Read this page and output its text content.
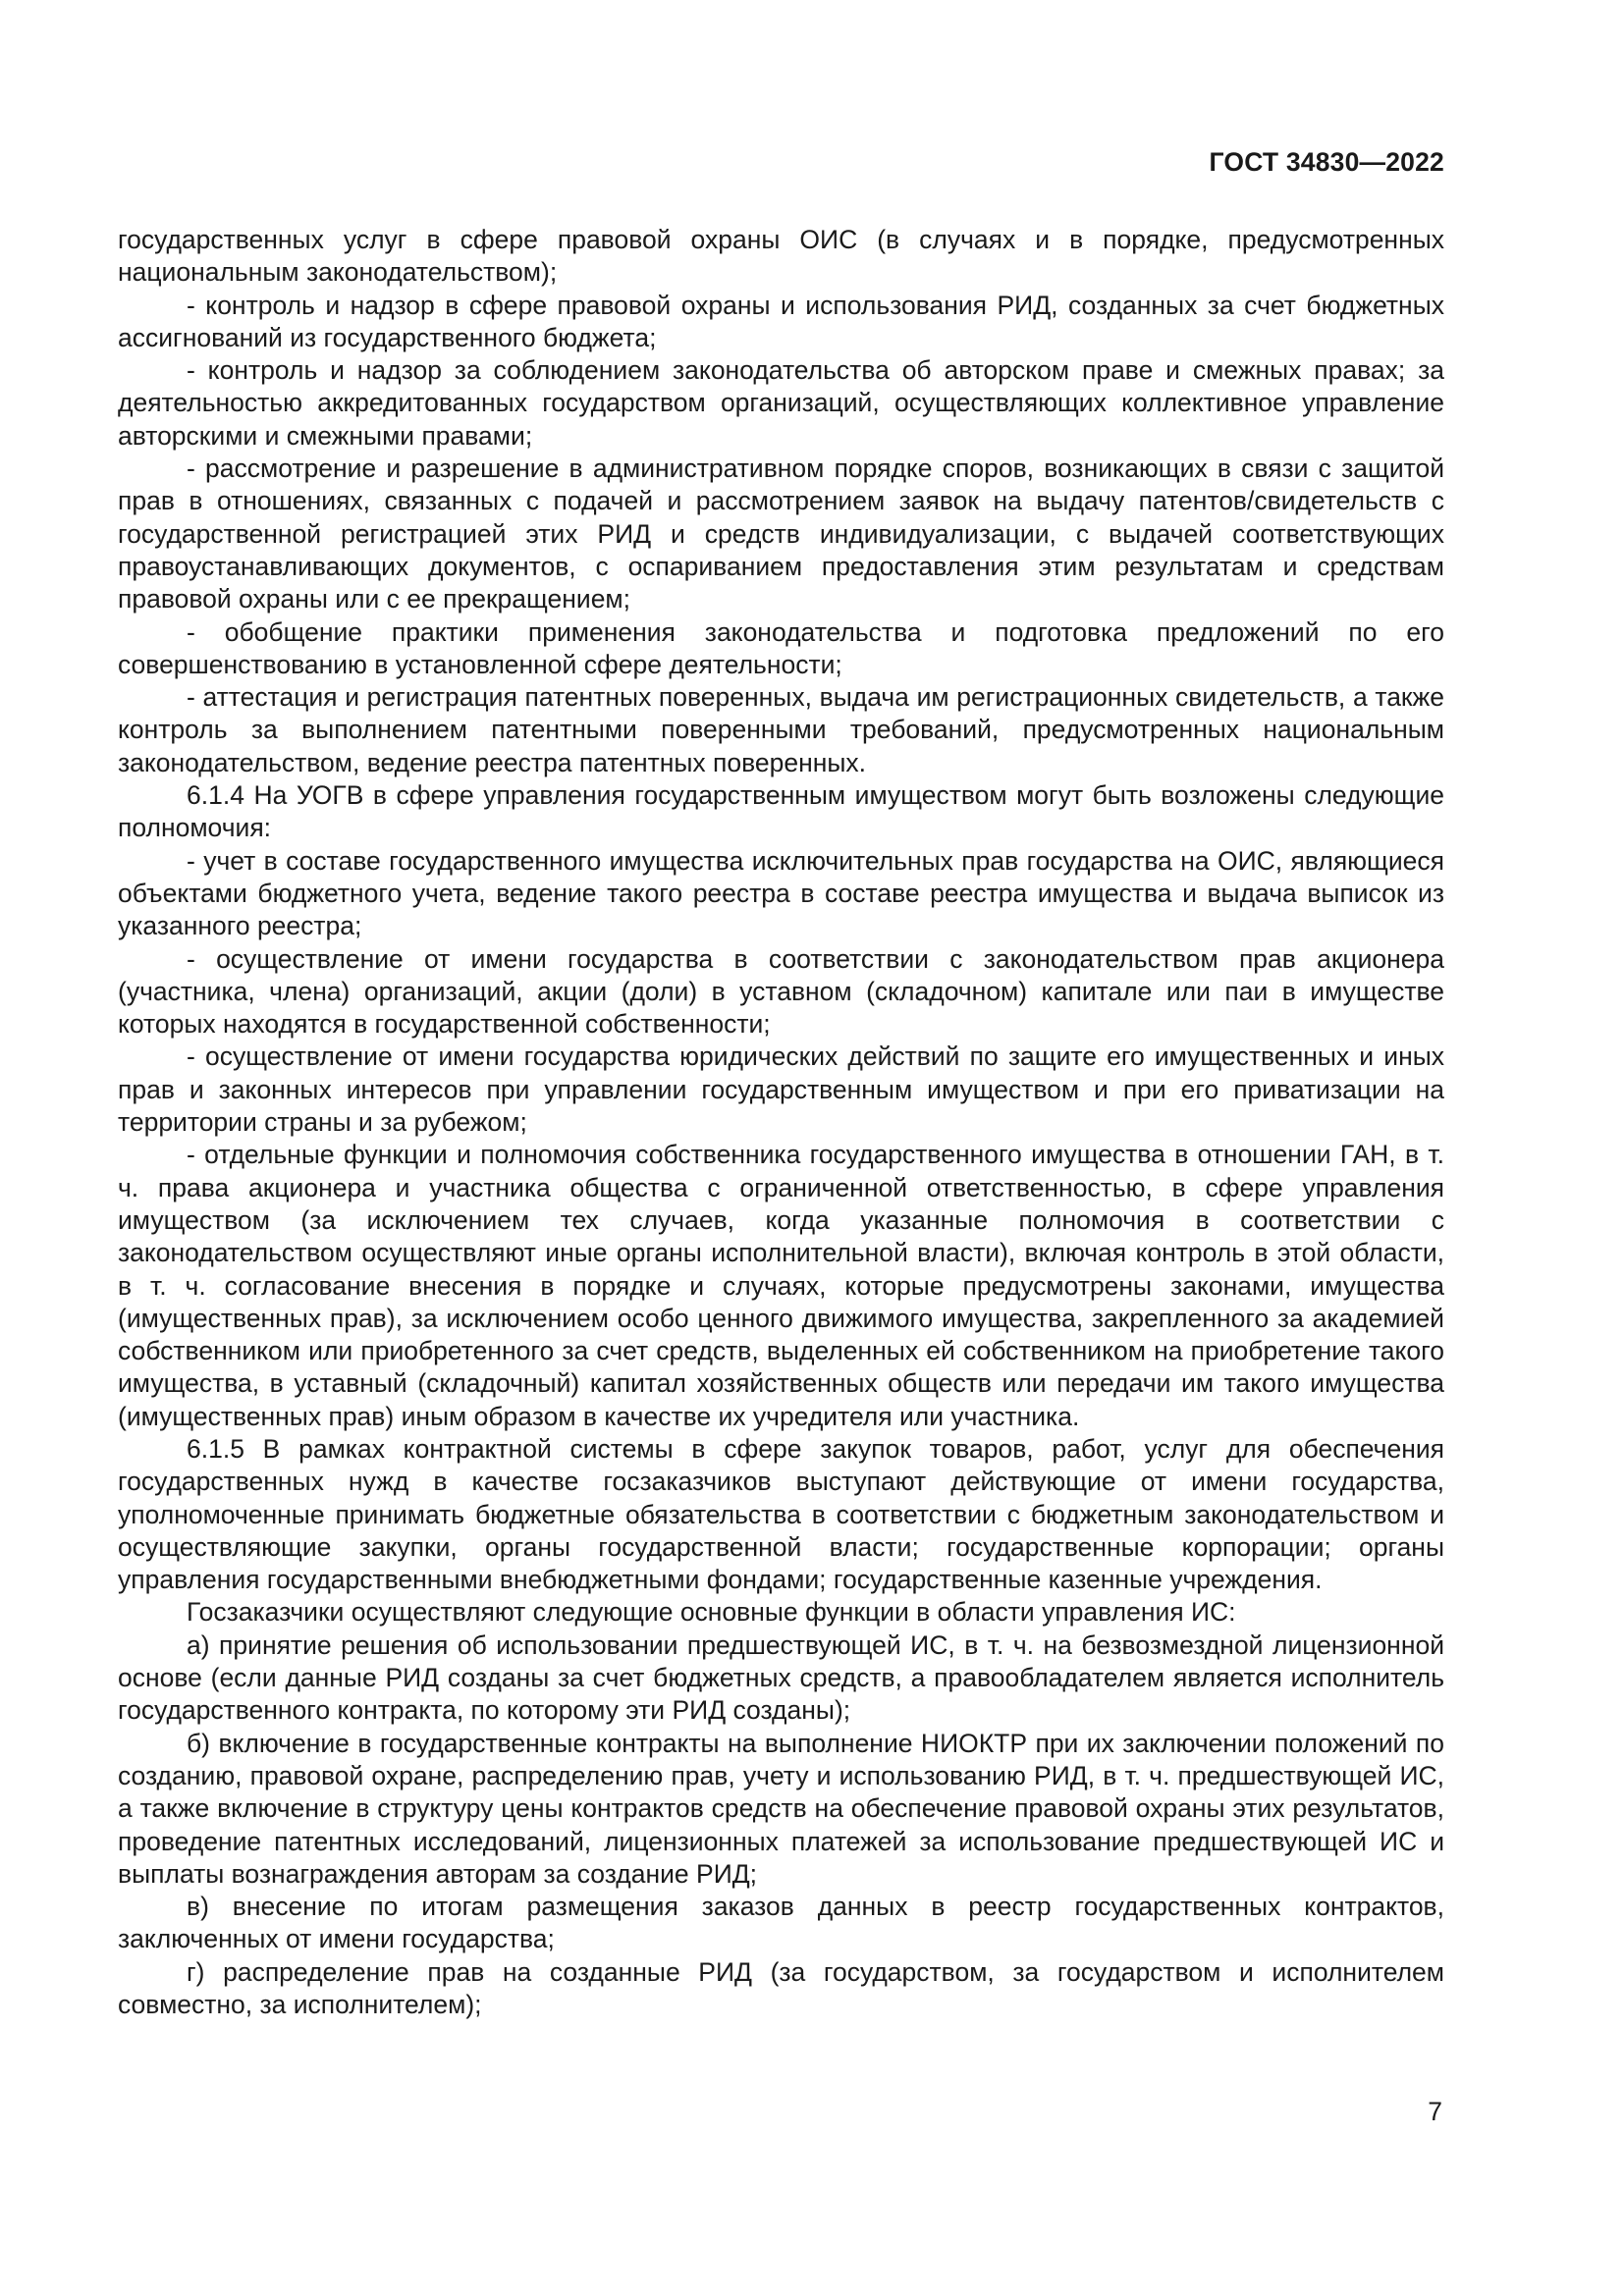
ГОСТ 34830—2022

государственных услуг в сфере правовой охраны ОИС (в случаях и в порядке, предусмотренных национальным законодательством);

- контроль и надзор в сфере правовой охраны и использования РИД, созданных за счет бюджетных ассигнований из государственного бюджета;

- контроль и надзор за соблюдением законодательства об авторском праве и смежных правах; за деятельностью аккредитованных государством организаций, осуществляющих коллективное управление авторскими и смежными правами;

- рассмотрение и разрешение в административном порядке споров, возникающих в связи с защитой прав в отношениях, связанных с подачей и рассмотрением заявок на выдачу патентов/свидетельств с государственной регистрацией этих РИД и средств индивидуализации, с выдачей соответствующих правоустанавливающих документов, с оспариванием предоставления этим результатам и средствам правовой охраны или с ее прекращением;

- обобщение практики применения законодательства и подготовка предложений по его совершенствованию в установленной сфере деятельности;

- аттестация и регистрация патентных поверенных, выдача им регистрационных свидетельств, а также контроль за выполнением патентными поверенными требований, предусмотренных национальным законодательством, ведение реестра патентных поверенных.

6.1.4 На УОГВ в сфере управления государственным имуществом могут быть возложены следующие полномочия:

- учет в составе государственного имущества исключительных прав государства на ОИС, являющиеся объектами бюджетного учета, ведение такого реестра в составе реестра имущества и выдача выписок из указанного реестра;

- осуществление от имени государства в соответствии с законодательством прав акционера (участника, члена) организаций, акции (доли) в уставном (складочном) капитале или паи в имуществе которых находятся в государственной собственности;

- осуществление от имени государства юридических действий по защите его имущественных и иных прав и законных интересов при управлении государственным имуществом и при его приватизации на территории страны и за рубежом;

- отдельные функции и полномочия собственника государственного имущества в отношении ГАН, в т. ч. права акционера и участника общества с ограниченной ответственностью, в сфере управления имуществом (за исключением тех случаев, когда указанные полномочия в соответствии с законодательством осуществляют иные органы исполнительной власти), включая контроль в этой области, в т. ч. согласование внесения в порядке и случаях, которые предусмотрены законами, имущества (имущественных прав), за исключением особо ценного движимого имущества, закрепленного за академией собственником или приобретенного за счет средств, выделенных ей собственником на приобретение такого имущества, в уставный (складочный) капитал хозяйственных обществ или передачи им такого имущества (имущественных прав) иным образом в качестве их учредителя или участника.

6.1.5 В рамках контрактной системы в сфере закупок товаров, работ, услуг для обеспечения государственных нужд в качестве госзаказчиков выступают действующие от имени государства, уполномоченные принимать бюджетные обязательства в соответствии с бюджетным законодательством и осуществляющие закупки, органы государственной власти; государственные корпорации; органы управления государственными внебюджетными фондами; государственные казенные учреждения.

Госзаказчики осуществляют следующие основные функции в области управления ИС:

а) принятие решения об использовании предшествующей ИС, в т. ч. на безвозмездной лицензионной основе (если данные РИД созданы за счет бюджетных средств, а правообладателем является исполнитель государственного контракта, по которому эти РИД созданы);

б) включение в государственные контракты на выполнение НИОКТР при их заключении положений по созданию, правовой охране, распределению прав, учету и использованию РИД, в т. ч. предшествующей ИС, а также включение в структуру цены контрактов средств на обеспечение правовой охраны этих результатов, проведение патентных исследований, лицензионных платежей за использование предшествующей ИС и выплаты вознаграждения авторам за создание РИД;

в) внесение по итогам размещения заказов данных в реестр государственных контрактов, заключенных от имени государства;

г) распределение прав на созданные РИД (за государством, за государством и исполнителем совместно, за исполнителем);

7
